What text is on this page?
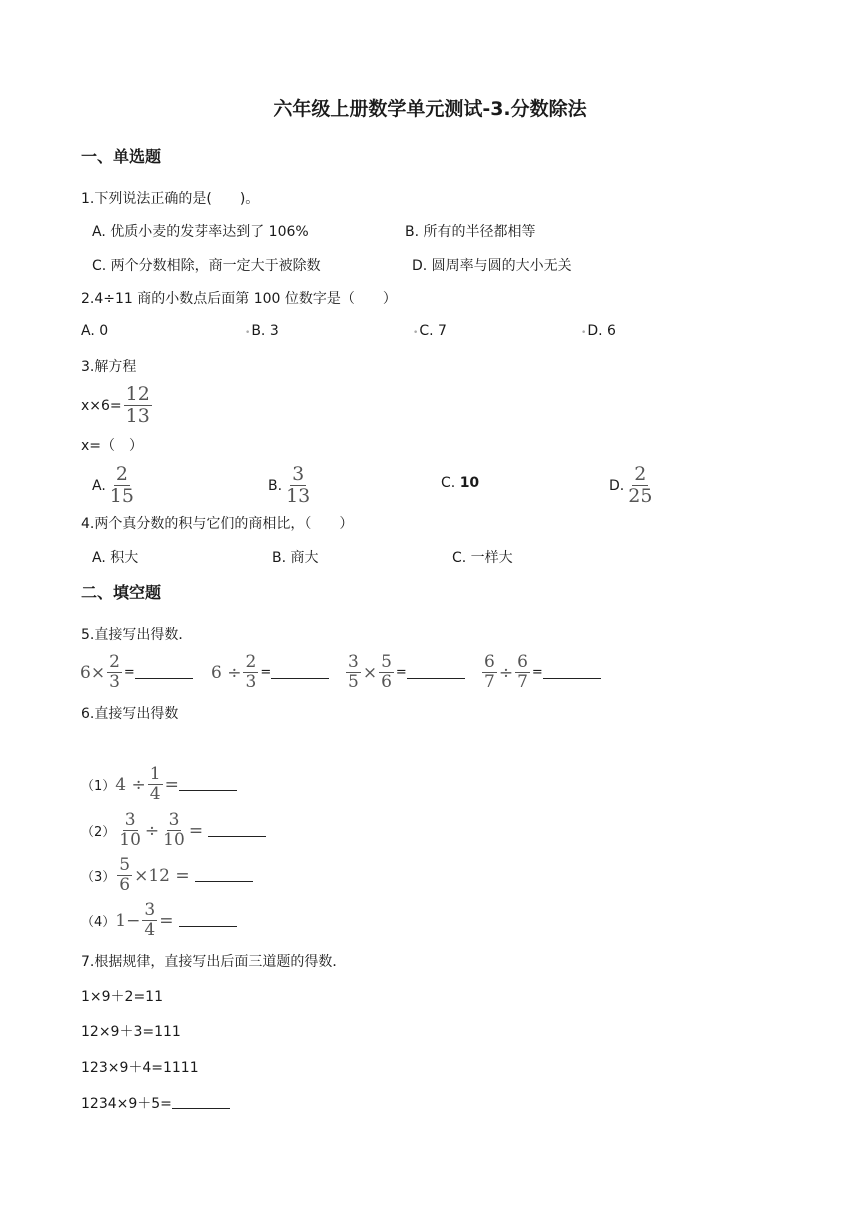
六年级上册数学单元测试-3.分数除法
一、单选题
1.下列说法正确的是(　　)。
A. 优质小麦的发芽率达到了 106%	B. 所有的半径都相等
C. 两个分数相除，商一定大于被除数	D. 圆周率与圆的大小无关
2.4÷11 商的小数点后面第 100 位数字是（　　）
A. 0	•B. 3	•C. 7	•D. 6
3.解方程
$x\times 6= \frac{12}{13}$
x=（　）
A. $\frac{2}{15}$	B. $\frac{3}{13}$	C.
10	D. $\frac{2}{25}$
4.两个真分数的积与它们的商相比，（　　）
A. 积大	B. 商大	C. 一样大
二、填空题
5.直接写出得数．
$6 \times \frac{2}{3}$ =	6
÷ $\frac{2}{3}$ =	$\frac{3}{5} \times \frac{5}{6}$ =	$\frac{6}{7} \div \frac{6}{7}$ =
6.直接写出得数
（1） 4
÷ $\frac{1}{4}$ =
$(2) \frac{3}{10} \div \frac{3}{10}$ =

$(3) \frac{5}{6} \times 12$
=

（4） $1 - \frac{3}{4}$ =

7.根据规律，直接写出后面三道题的得数．
1×9＋2=11
12×9＋3=111
123×9＋4=1111
1234×9＋5=
